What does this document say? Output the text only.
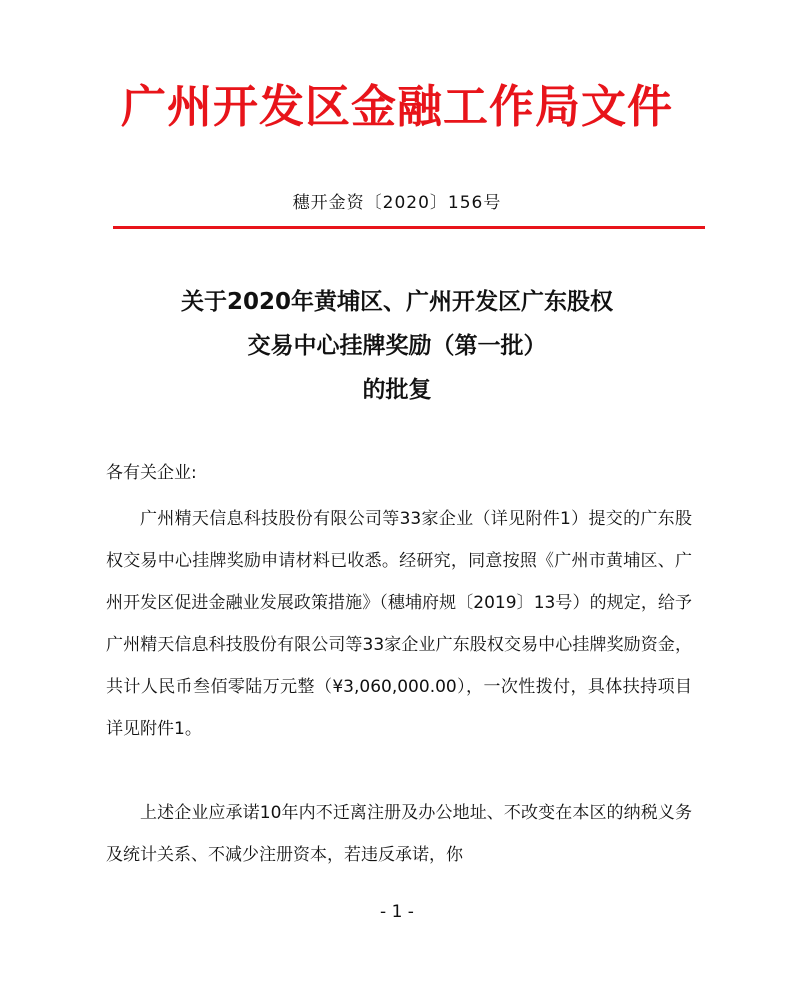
广州开发区金融工作局文件
穗开金资〔2020〕156号
关于2020年黄埔区、广州开发区广东股权
交易中心挂牌奖励（第一批）
的批复
各有关企业:
广州精天信息科技股份有限公司等33家企业（详见附件1）提交的广东股权交易中心挂牌奖励申请材料已收悉。经研究，同意按照《广州市黄埔区、广州开发区促进金融业发展政策措施》（穗埔府规〔2019〕13号）的规定，给予广州精天信息科技股份有限公司等33家企业广东股权交易中心挂牌奖励资金，共计人民币叁佰零陆万元整（¥3,060,000.00），一次性拨付，具体扶持项目详见附件1。
上述企业应承诺10年内不迁离注册及办公地址、不改变在本区的纳税义务及统计关系、不减少注册资本，若违反承诺，你
- 1 -
